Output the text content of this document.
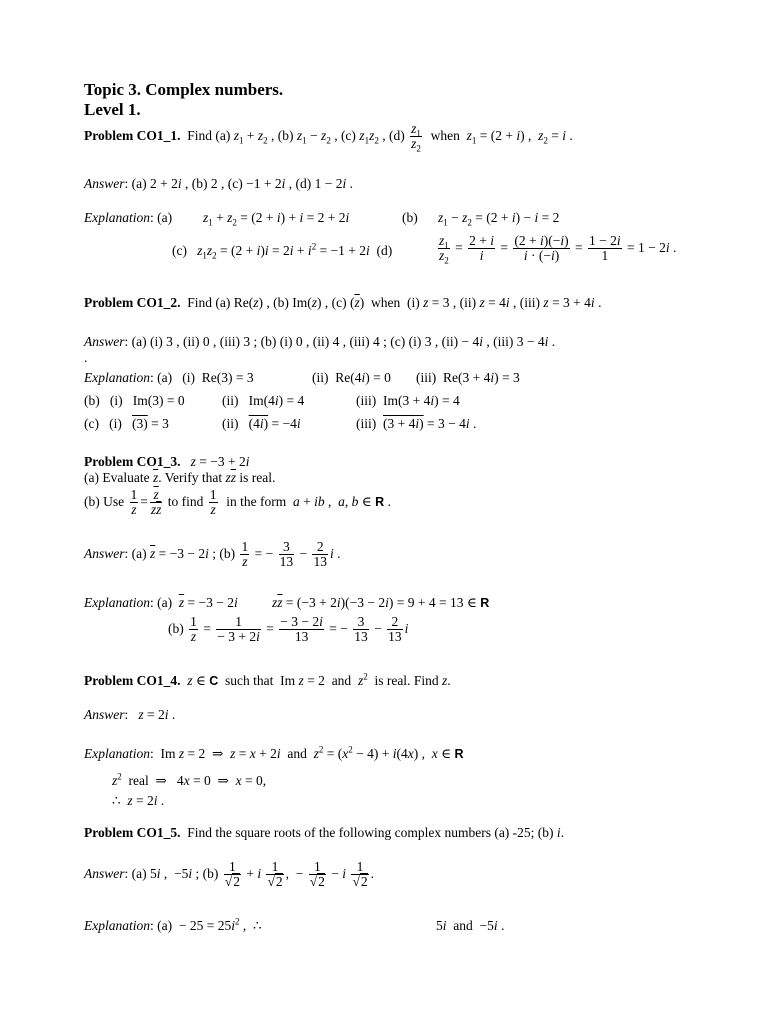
Topic 3. Complex numbers.
Level 1.
Problem CO1_1. Find (a) $z_1 + z_2$ , (b) $z_1 - z_2$ , (c) $z_1z_2$ , $(d) \frac{z_1}{z_2}$ when $z_1 = (2 + i)$ ,  $z_2 = i$ .
Answer: (a) 2 + 2i , (b) 2 , (c) −1 + 2i , (d) 1 − 2i .
Explanation: (a) $z_1 + z_2 = (2 + i) + i = 2 + 2i$	(b)      $z_1 - z_2 = (2 + i) - i = 2$
(c)   $z_1z_2 = (2 + i)i = 2i + i^2 = -1 + 2i$  (d)	$\frac{z_1}{z_2} = \frac{2 + i}{i} = \frac{(2 + i)(-i)}{i \cdot (-i)} = \frac{1 - 2i}{1} = 1 - 2i$ .
Problem CO1_2. Find (a) Re(z) , (b) Im(z) , (c) $(\overline{z})$  when  (i) z = 3 , (ii) z = 4i , (iii) z = 3 + 4i .
Answer: (a) (i) 3 , (ii) 0 , (iii) 3 ; (b) (i) 0 , (ii) 4 , (iii) 4 ; (c) (i) 3 , (ii) − 4i , (iii) 3 − 4i .
.
Explanation: (a)   (i)  Re(3) = 3	(ii)  Re(4i) = 0 (iii)  Re(3 + 4i) = 3
(b)   (i)   Im(3) = 0	(ii)   Im(4i) = 4	(iii)  Im(3 + 4i) = 4
(c)   (i)   (3) = 3	(ii)   (4i) = −4i	(iii)  (3 + 4i) = 3 − 4i .
Problem CO1_3. z = −3 + 2i
(a) Evaluate $\overline{z}$. Verify that $z\overline{z}$ is real.
(b) Use $\frac{1}{z} = \frac{\overline{z}}{z\overline{z}}$ to find $\frac{1}{z}$ in the form a + ib ,  a, b ∈ R .
Answer: (a) $\overline{z} = -3 - 2i$ ; $(b) \frac{1}{z}$ = − $\frac{3}{13} - \frac{2}{13}$ i .
Explanation: (a)  $\overline{z} = -3 - 2i$	$z\overline{z} = (-3 + 2i)(-3 - 2i) = 9 + 4 = 13$ ∈ R
$(b) \frac{1}{z} = \frac{1}{- 3 + 2i} = \frac{- 3 - 2i}{13}$ = − $\frac{3}{13} - \frac{2}{13}$ i
Problem CO1_4. z ∈ C such that  Im z = 2  and $z^2$ is real. Find z.
Answer:   z = 2i .
Explanation:  Im z = 2  ⇒  z = x + 2i and $z^2 = (x^2 - 4) + i(4x)$ ,  x ∈ R
$z^2$ real  ⇒   4x = 0  ⇒  x = 0,
∴  z = 2i .
Problem CO1_5. Find the square roots of the following complex numbers (a) -25; (b) i.
Answer: (a) 5i ,  −5i ; $(b) \frac{1}{√2} + i \frac{1}{√2}$ ,  − $\frac{1}{√2} - i \frac{1}{√2}$ .
Explanation: $(a) - 25 = 25i^2$ ,  ∴	5i and  −5i .
